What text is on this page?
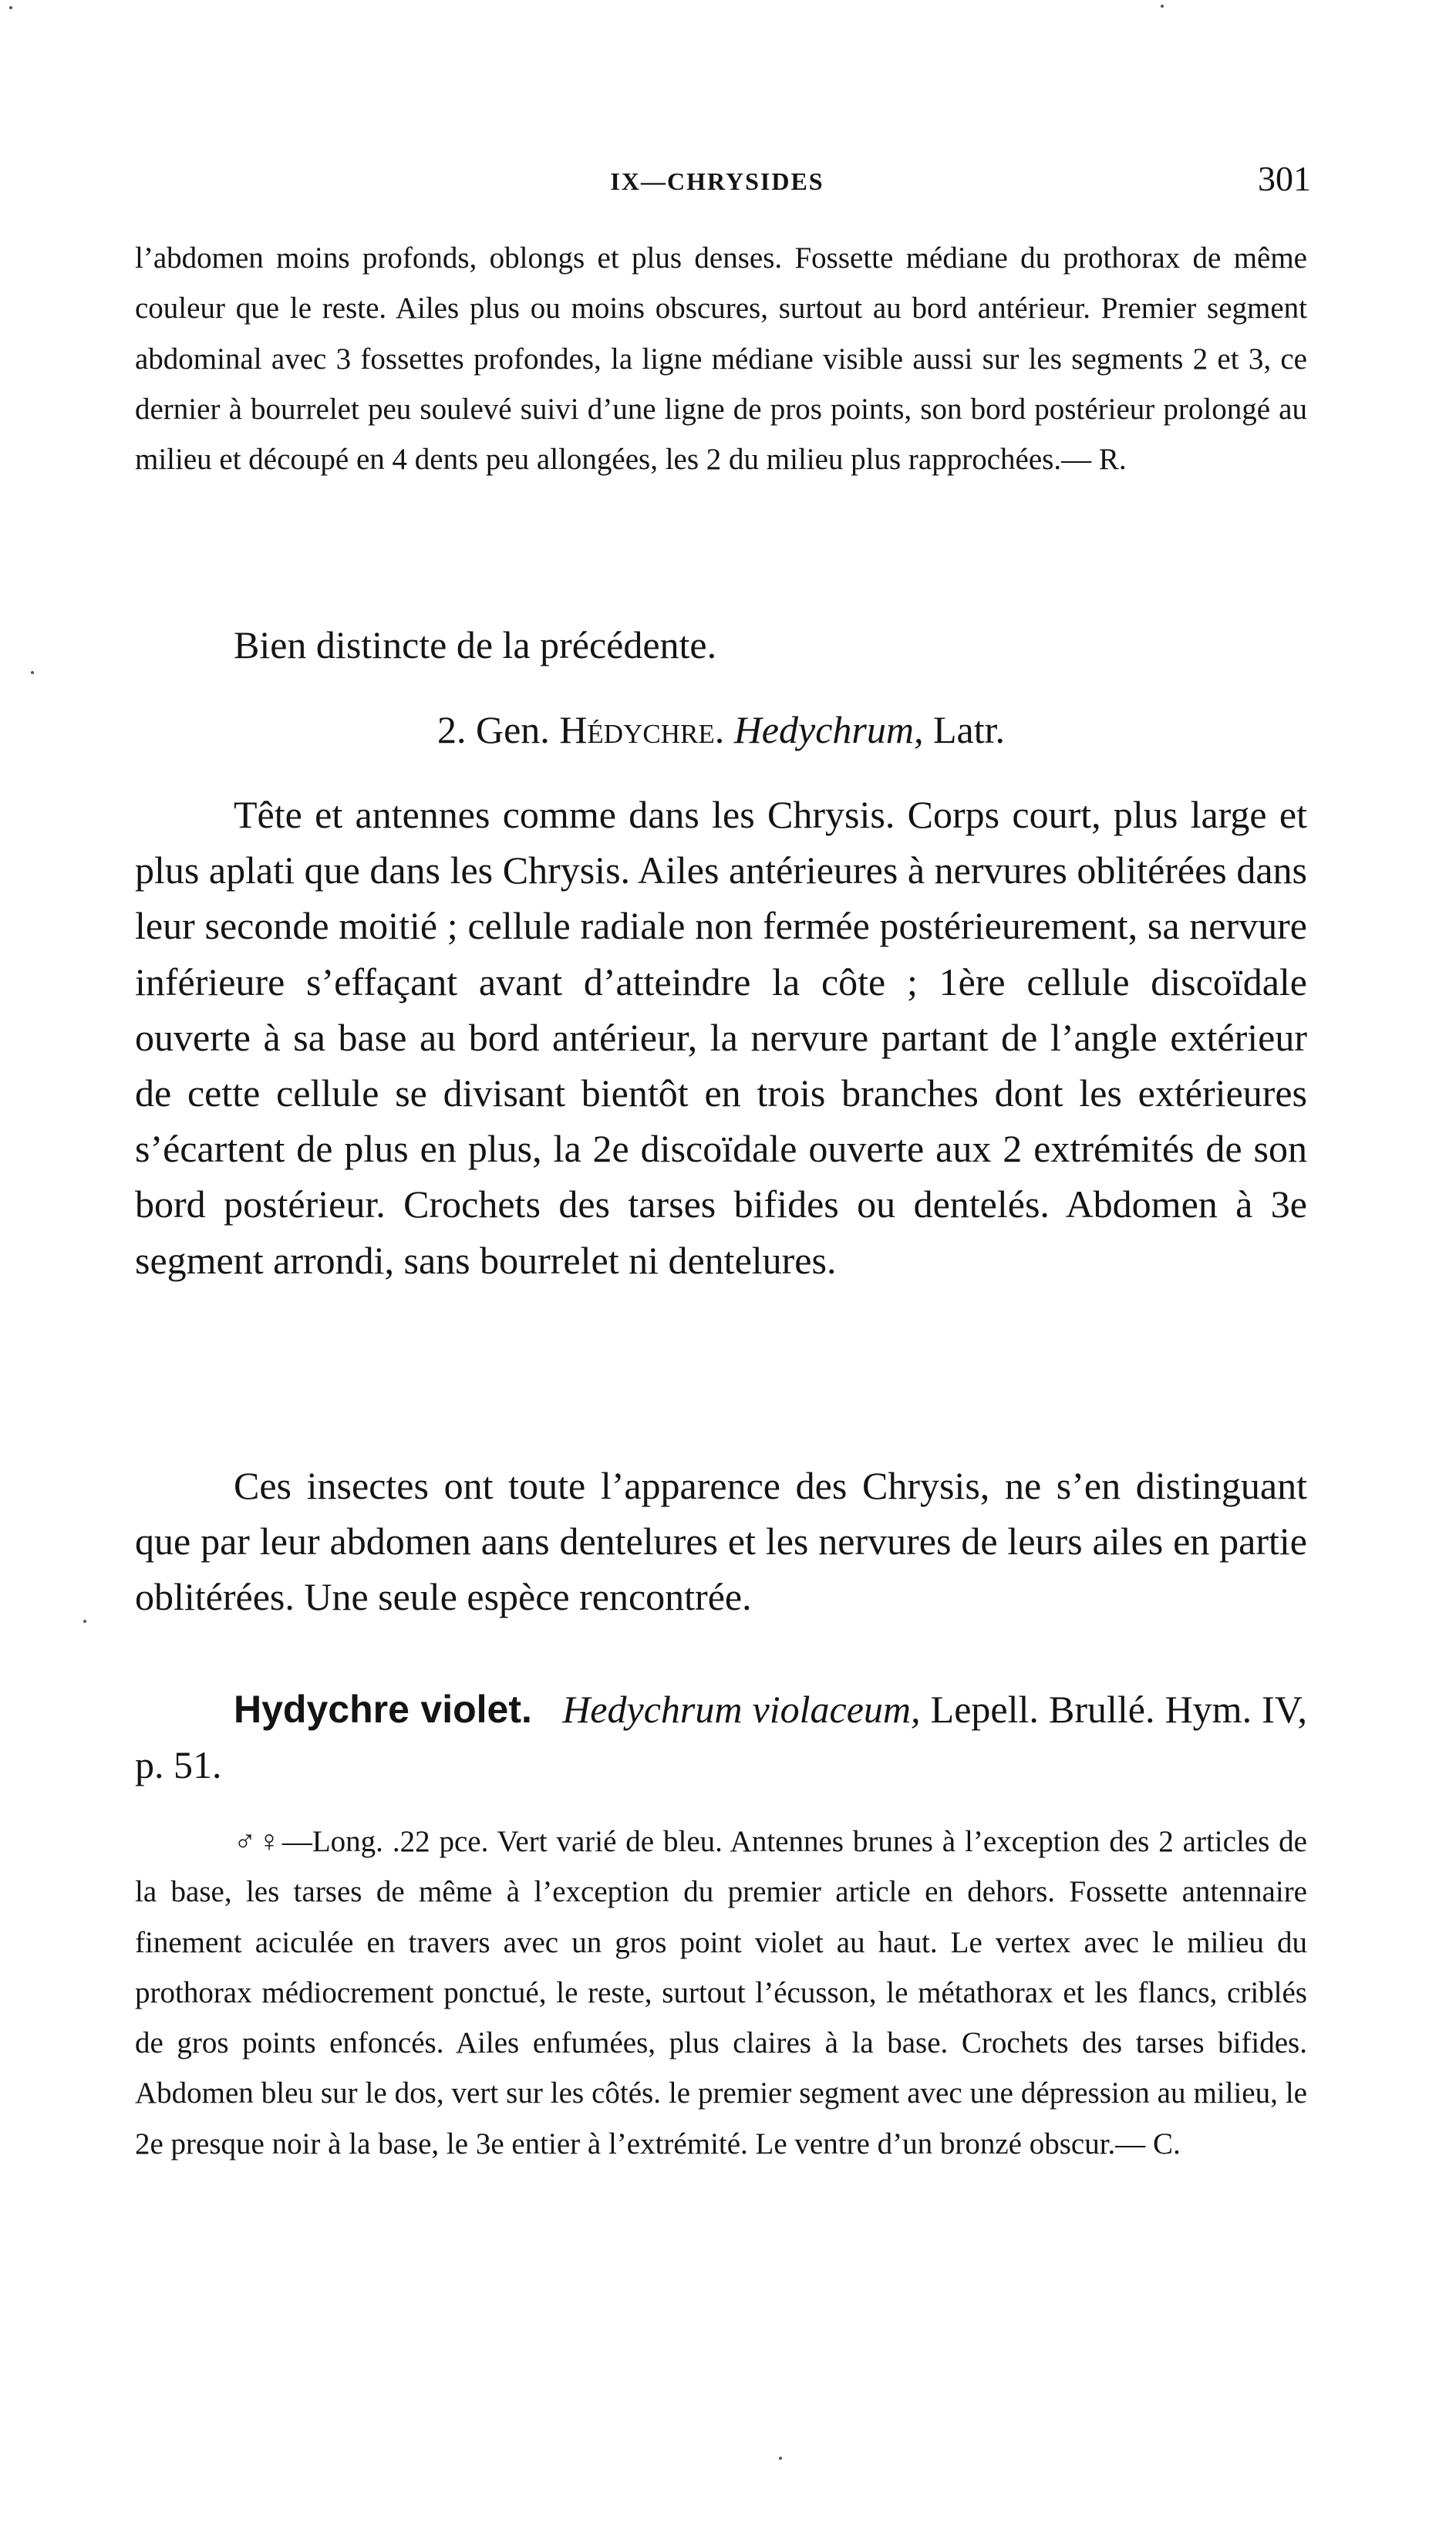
IX—CHRYSIDES	301

l’abdomen moins profonds, oblongs et plus denses. Fossette médiane du prothorax de même couleur que le reste. Ailes plus ou moins obscures, surtout au bord antérieur. Premier segment abdominal avec 3 fossettes profondes, la ligne médiane visible aussi sur les segments 2 et 3, ce dernier à bourrelet peu soulevé suivi d’une ligne de pros points, son bord postérieur prolongé au milieu et découpé en 4 dents peu allongées, les 2 du milieu plus rapprochées.— R.

Bien distincte de la précédente.

2. Gen. Hédychre. Hedychrum, Latr.

Tête et antennes comme dans les Chrysis. Corps court, plus large et plus aplati que dans les Chrysis. Ailes antérieures à nervures oblitérées dans leur seconde moitié ; cellule radiale non fermée postérieurement, sa nervure inférieure s’effaçant avant d’atteindre la côte ; 1ère cellule discoïdale ouverte à sa base au bord antérieur, la nervure partant de l’angle extérieur de cette cellule se divisant bientôt en trois branches dont les extérieures s’écartent de plus en plus, la 2e discoïdale ouverte aux 2 extrémités de son bord postérieur. Crochets des tarses bifides ou dentelés. Abdomen à 3e segment arrondi, sans bourrelet ni dentelures.

Ces insectes ont toute l’apparence des Chrysis, ne s’en distinguant que par leur abdomen aans dentelures et les nervures de leurs ailes en partie oblitérées. Une seule espèce rencontrée.

Hydychre violet. Hedychrum violaceum, Lepell. Brullé. Hym. IV, p. 51.

♂♀—Long. .22 pce. Vert varié de bleu. Antennes brunes à l’exception des 2 articles de la base, les tarses de même à l’exception du premier article en dehors. Fossette antennaire finement aciculée en travers avec un gros point violet au haut. Le vertex avec le milieu du prothorax médiocrement ponctué, le reste, surtout l’écusson, le métathorax et les flancs, criblés de gros points enfoncés. Ailes enfumées, plus claires à la base. Crochets des tarses bifides. Abdomen bleu sur le dos, vert sur les côtés. le premier segment avec une dépression au milieu, le 2e presque noir à la base, le 3e entier à l’extrémité. Le ventre d’un bronzé obscur.— C.
